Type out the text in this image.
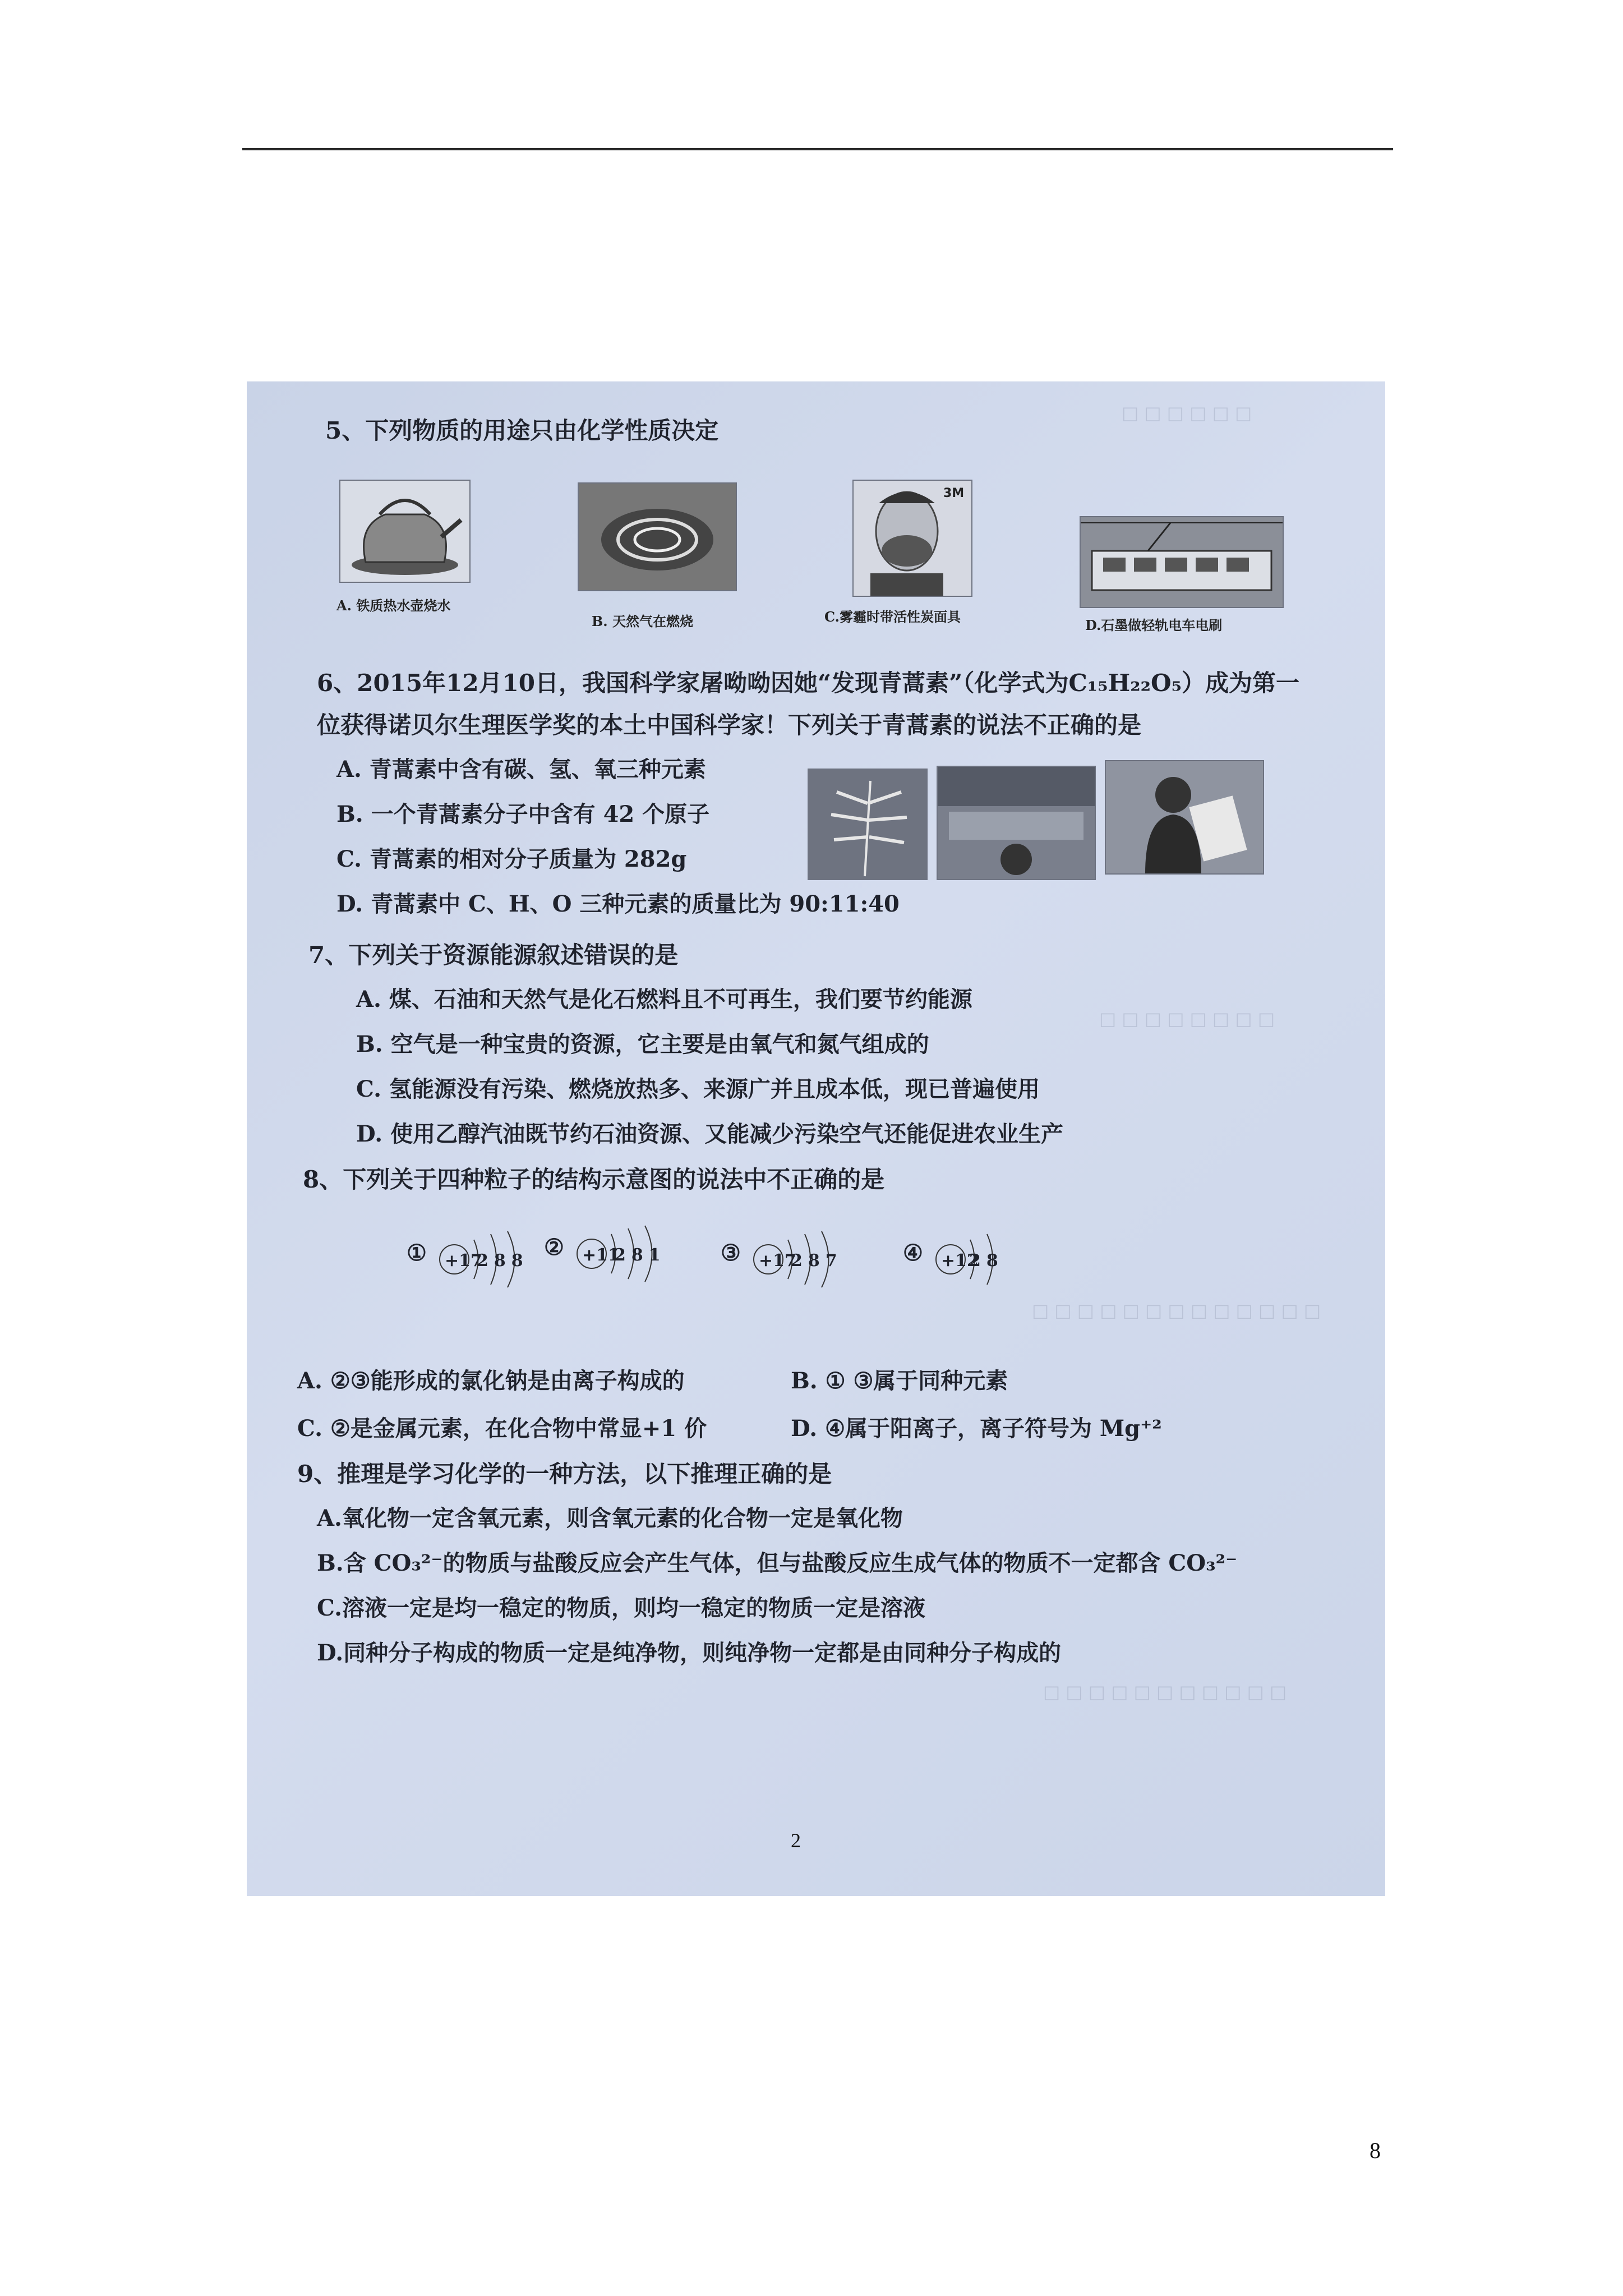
□ □ □ □ □ □
□ □ □ □ □ □ □ □
□ □ □ □ □ □ □ □ □ □ □ □ □
□ □ □ □ □ □ □ □ □ □ □
5、下列物质的用途只由化学性质决定
A. 铁质热水壶烧水
B. 天然气在燃烧
3M
C.雾霾时带活性炭面具
D.石墨做轻轨电车电刷
6、2015年12月10日，我国科学家屠呦呦因她“发现青蒿素”（化学式为C₁₅H₂₂O₅）成为第一
位获得诺贝尔生理医学奖的本土中国科学家！下列关于青蒿素的说法不正确的是
A. 青蒿素中含有碳、氢、氧三种元素
B. 一个青蒿素分子中含有 42 个原子
C. 青蒿素的相对分子质量为 282g
D. 青蒿素中 C、H、O 三种元素的质量比为 90:11:40
7、下列关于资源能源叙述错误的是
A. 煤、石油和天然气是化石燃料且不可再生，我们要节约能源
B. 空气是一种宝贵的资源，它主要是由氧气和氮气组成的
C. 氢能源没有污染、燃烧放热多、来源广并且成本低，现已普遍使用
D. 使用乙醇汽油既节约石油资源、又能减少污染空气还能促进农业生产
8、下列关于四种粒子的结构示意图的说法中不正确的是
① +17
288
② +11
281 ③ +17
287	④ +12
28
A. ②③能形成的氯化钠是由离子构成的	B. ① ③属于同种元素
C. ②是金属元素，在化合物中常显+1 价	D. ④属于阳离子，离子符号为 Mg⁺²
9、推理是学习化学的一种方法，以下推理正确的是
A.氧化物一定含氧元素，则含氧元素的化合物一定是氧化物
B.含 CO₃²⁻的物质与盐酸反应会产生气体，但与盐酸反应生成气体的物质不一定都含 CO₃²⁻
C.溶液一定是均一稳定的物质，则均一稳定的物质一定是溶液
D.同种分子构成的物质一定是纯净物，则纯净物一定都是由同种分子构成的
2
8
